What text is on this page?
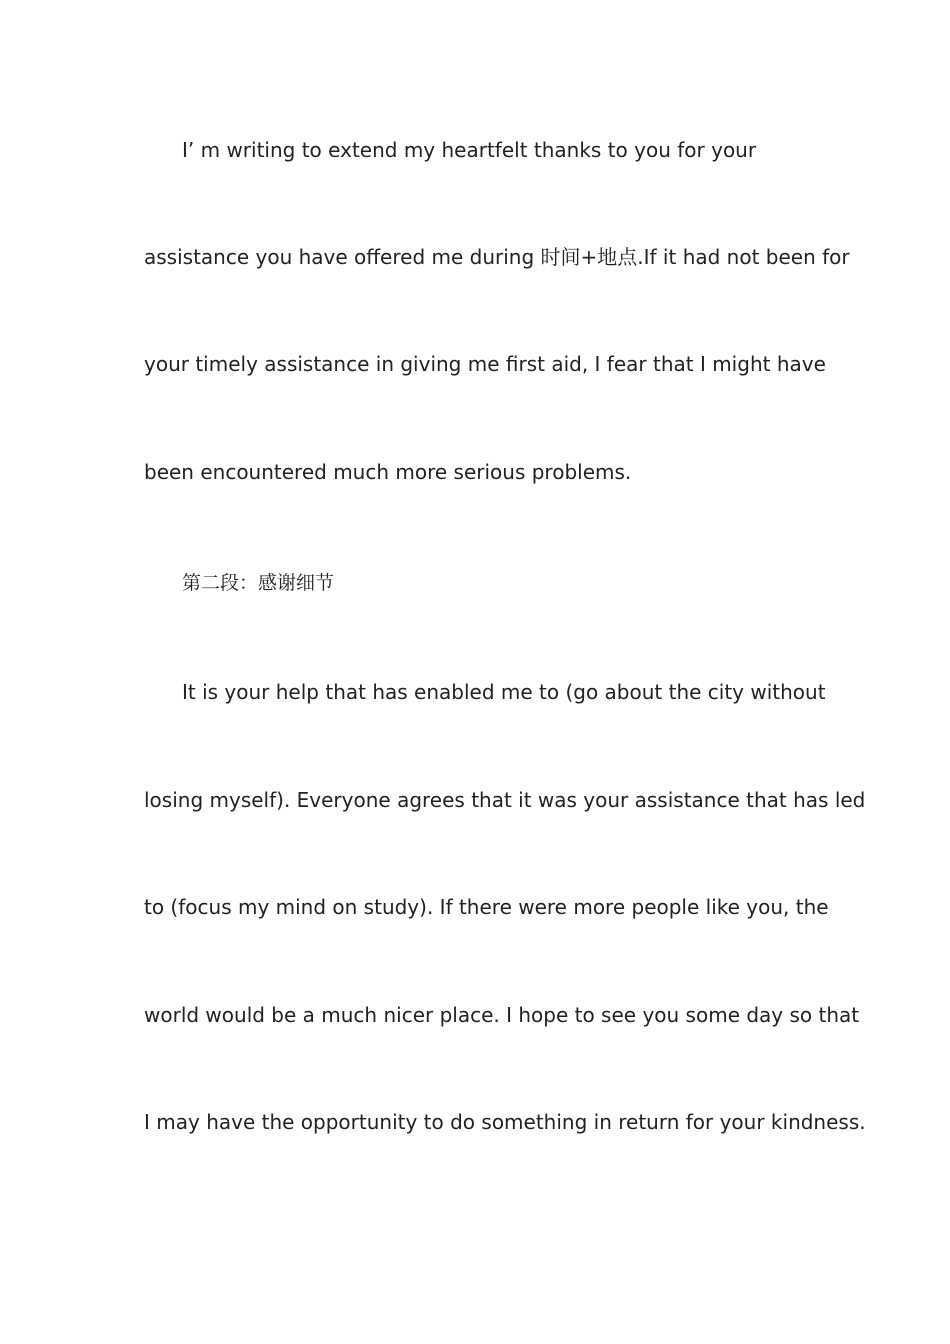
I’ m writing to extend my heartfelt thanks to you for your
assistance you have offered me during 时间+地点.If it had not been for
your timely assistance in giving me first aid, I fear that I might have
been encountered much more serious problems.
第二段：感谢细节
It is your help that has enabled me to (go about the city without
losing myself). Everyone agrees that it was your assistance that has led
to (focus my mind on study). If there were more people like you, the
world would be a much nicer place. I hope to see you some day so that
I may have the opportunity to do something in return for your kindness.
